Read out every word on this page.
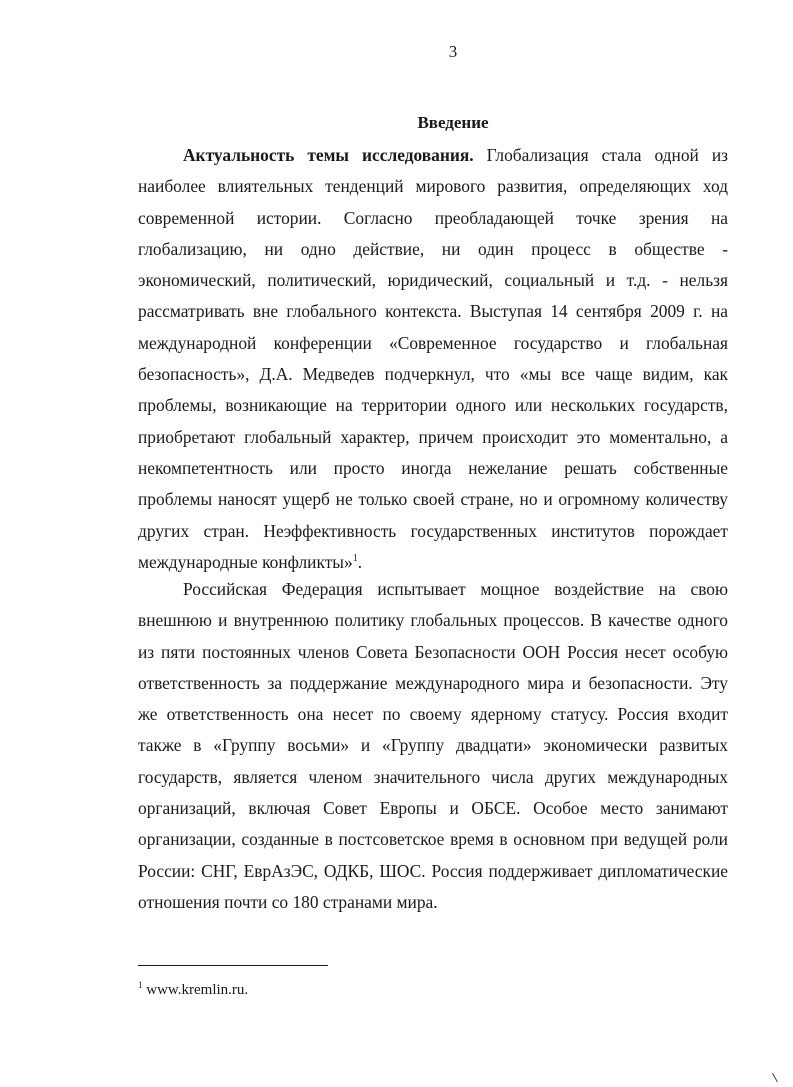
3
Введение

Актуальность темы исследования. Глобализация стала одной из наиболее влиятельных тенденций мирового развития, определяющих ход современной истории. Согласно преобладающей точке зрения на глобализацию, ни одно действие, ни один процесс в обществе - экономический, политический, юридический, социальный и т.д. - нельзя рассматривать вне глобального контекста. Выступая 14 сентября 2009 г. на международной конференции «Современное государство и глобальная безопасность», Д.А. Медведев подчеркнул, что «мы все чаще видим, как проблемы, возникающие на территории одного или нескольких государств, приобретают глобальный характер, причем происходит это моментально, а некомпетентность или просто иногда нежелание решать собственные проблемы наносят ущерб не только своей стране, но и огромному количеству других стран. Неэффективность государственных институтов порождает международные конфликты»$^1$.

Российская Федерация испытывает мощное воздействие на свою внешнюю и внутреннюю политику глобальных процессов. В качестве одного из пяти постоянных членов Совета Безопасности ООН Россия несет особую ответственность за поддержание международного мира и безопасности. Эту же ответственность она несет по своему ядерному статусу. Россия входит также в «Группу восьми» и «Группу двадцати» экономически развитых государств, является членом значительного числа других международных организаций, включая Совет Европы и ОБСЕ. Особое место занимают организации, созданные в постсоветское время в основном при ведущей роли России: СНГ, ЕврАзЭС, ОДКБ, ШОС. Россия поддерживает дипломатические отношения почти со 180 странами мира.

$^1$ www.kremlin.ru.
